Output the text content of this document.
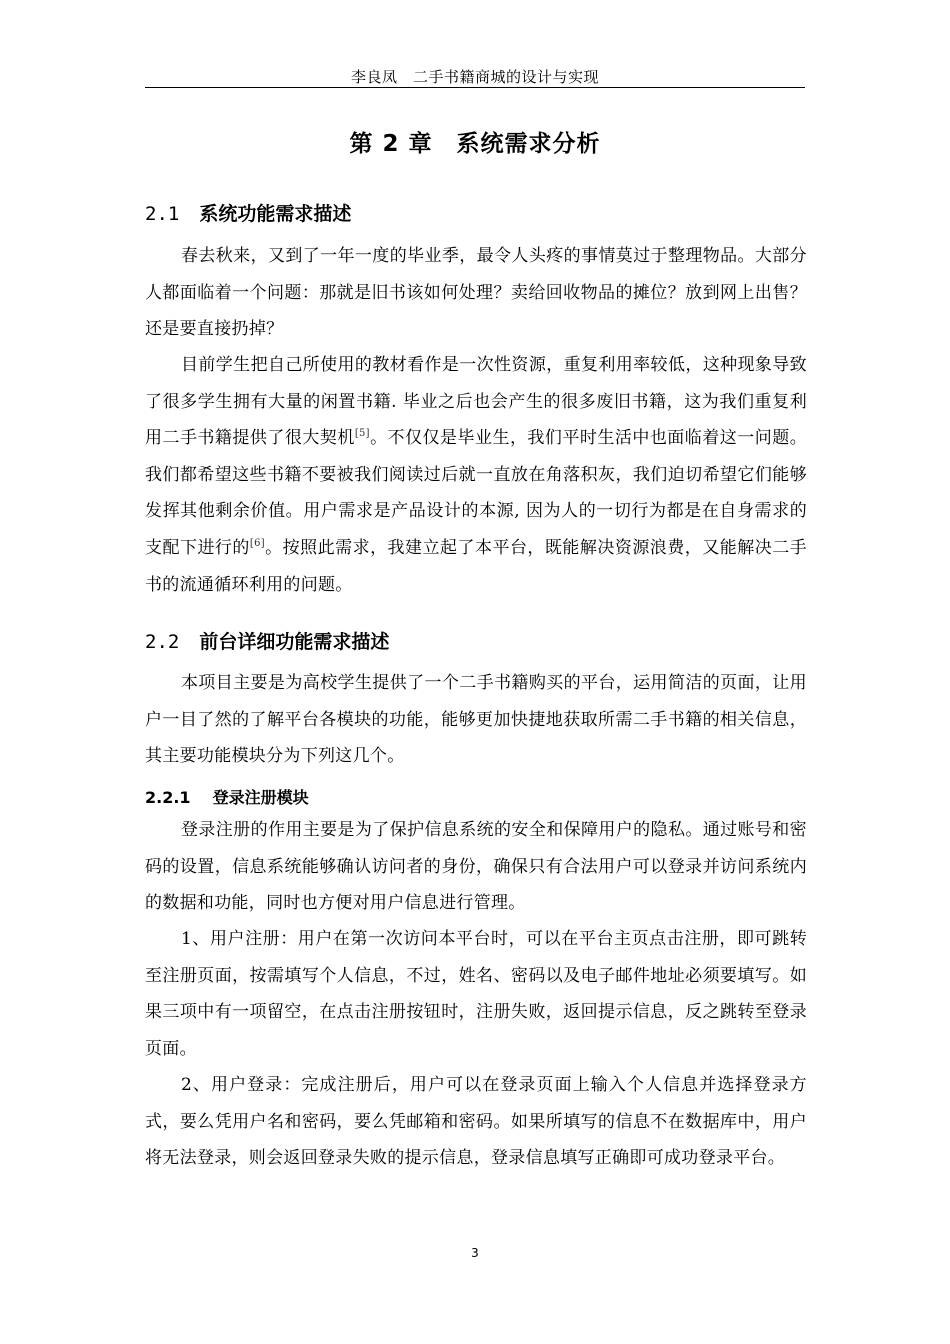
李良凤　二手书籍商城的设计与实现
第 2 章　系统需求分析
2.1 系统功能需求描述

春去秋来，又到了一年一度的毕业季，最令人头疼的事情莫过于整理物品。大部分人都面临着一个问题：那就是旧书该如何处理？卖给回收物品的摊位？放到网上出售？还是要直接扔掉？

目前学生把自己所使用的教材看作是一次性资源，重复利用率较低，这种现象导致了很多学生拥有大量的闲置书籍. 毕业之后也会产生的很多废旧书籍，这为我们重复利用二手书籍提供了很大契机[5]。不仅仅是毕业生，我们平时生活中也面临着这一问题。我们都希望这些书籍不要被我们阅读过后就一直放在角落积灰，我们迫切希望它们能够发挥其他剩余价值。用户需求是产品设计的本源, 因为人的一切行为都是在自身需求的支配下进行的[6]。按照此需求，我建立起了本平台，既能解决资源浪费，又能解决二手书的流通循环利用的问题。

2.2 前台详细功能需求描述

本项目主要是为高校学生提供了一个二手书籍购买的平台，运用简洁的页面，让用户一目了然的了解平台各模块的功能，能够更加快捷地获取所需二手书籍的相关信息，其主要功能模块分为下列这几个。

2.2.1 登录注册模块

登录注册的作用主要是为了保护信息系统的安全和保障用户的隐私。通过账号和密码的设置，信息系统能够确认访问者的身份，确保只有合法用户可以登录并访问系统内的数据和功能，同时也方便对用户信息进行管理。

1、用户注册：用户在第一次访问本平台时，可以在平台主页点击注册，即可跳转至注册页面，按需填写个人信息，不过，姓名、密码以及电子邮件地址必须要填写。如果三项中有一项留空，在点击注册按钮时，注册失败，返回提示信息，反之跳转至登录页面。

2、用户登录：完成注册后，用户可以在登录页面上输入个人信息并选择登录方式，要么凭用户名和密码，要么凭邮箱和密码。如果所填写的信息不在数据库中，用户将无法登录，则会返回登录失败的提示信息，登录信息填写正确即可成功登录平台。

3
